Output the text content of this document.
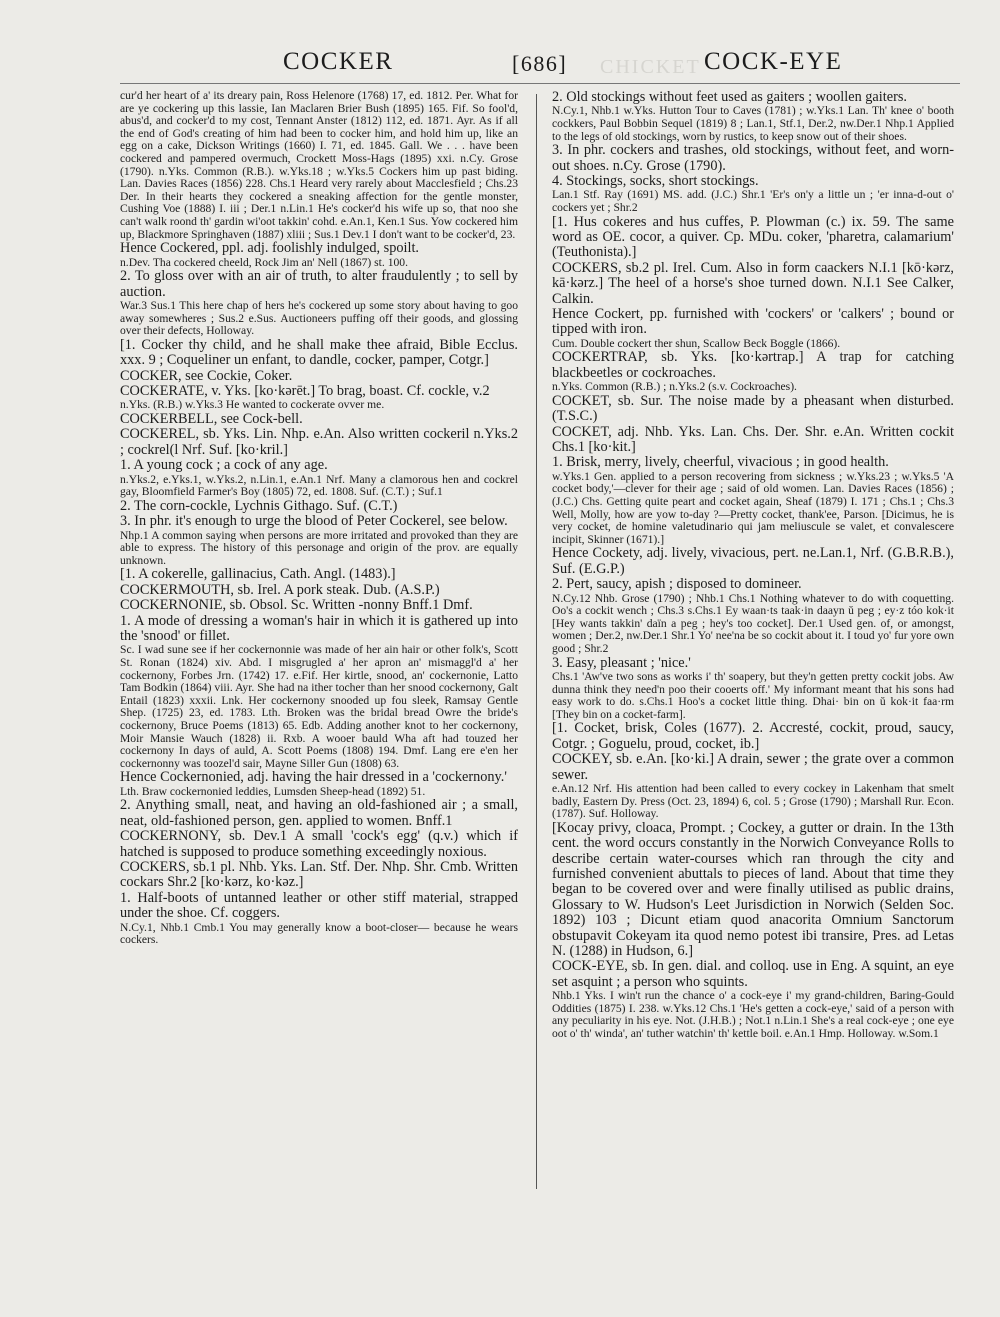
CHICKET
COCKER	[686]	COCK-EYE

cur'd her heart of a' its dreary pain, Ross Helenore (1768) 17, ed. 1812. Per. What for are ye cockering up this lassie, Ian Maclaren Brier Bush (1895) 165. Fif. So fool'd, abus'd, and cocker'd to my cost, Tennant Anster (1812) 112, ed. 1871. Ayr. As if all the end of God's creating of him had been to cocker him, and hold him up, like an egg on a cake, Dickson Writings (1660) I. 71, ed. 1845. Gall. We . . . have been cockered and pampered overmuch, Crockett Moss-Hags (1895) xxi. n.Cy. Grose (1790). n.Yks. Common (R.B.). w.Yks.18 ; w.Yks.5 Cockers him up past biding. Lan. Davies Races (1856) 228. Chs.1 Heard very rarely about Macclesfield ; Chs.23 Der. In their hearts they cockered a sneaking affection for the gentle monster, Cushing Voe (1888) I. iii ; Der.1 n.Lin.1 He's cocker'd his wife up so, that noo she can't walk roond th' gardin wi'oot takkin' cohd. e.An.1, Ken.1 Sus. Yow cockered him up, Blackmore Springhaven (1887) xliii ; Sus.1 Dev.1 I don't want to be cocker'd, 23.

Hence Cockered, ppl. adj. foolishly indulged, spoilt.

n.Dev. Tha cockered cheeld, Rock Jim an' Nell (1867) st. 100.

2. To gloss over with an air of truth, to alter fraudulently ; to sell by auction.

War.3 Sus.1 This here chap of hers he's cockered up some story about having to goo away somewheres ; Sus.2 e.Sus. Auctioneers puffing off their goods, and glossing over their defects, Holloway.

[1. Cocker thy child, and he shall make thee afraid, Bible Ecclus. xxx. 9 ; Coqueliner un enfant, to dandle, cocker, pamper, Cotgr.]

COCKER, see Cockie, Coker.

COCKERATE, v. Yks. [ko·kərēt.] To brag, boast. Cf. cockle, v.2

n.Yks. (R.B.) w.Yks.3 He wanted to cockerate ovver me.

COCKERBELL, see Cock-bell.

COCKEREL, sb. Yks. Lin. Nhp. e.An. Also written cockeril n.Yks.2 ; cockrel(l Nrf. Suf. [ko·kril.]

1. A young cock ; a cock of any age.

n.Yks.2, e.Yks.1, w.Yks.2, n.Lin.1, e.An.1 Nrf. Many a clamorous hen and cockrel gay, Bloomfield Farmer's Boy (1805) 72, ed. 1808. Suf. (C.T.) ; Suf.1

2. The corn-cockle, Lychnis Githago. Suf. (C.T.)

3. In phr. it's enough to urge the blood of Peter Cockerel, see below.

Nhp.1 A common saying when persons are more irritated and provoked than they are able to express. The history of this personage and origin of the prov. are equally unknown.

[1. A cokerelle, gallinacius, Cath. Angl. (1483).]

COCKERMOUTH, sb. Irel. A pork steak. Dub. (A.S.P.)

COCKERNONIE, sb. Obsol. Sc. Written -nonny Bnff.1 Dmf.

1. A mode of dressing a woman's hair in which it is gathered up into the 'snood' or fillet.

Sc. I wad sune see if her cockernonnie was made of her ain hair or other folk's, Scott St. Ronan (1824) xiv. Abd. I misgrugled a' her apron an' mismaggl'd a' her cockernony, Forbes Jrn. (1742) 17. e.Fif. Her kirtle, snood, an' cockernonie, Latto Tam Bodkin (1864) viii. Ayr. She had na ither tocher than her snood cockernony, Galt Entail (1823) xxxii. Lnk. Her cockernony snooded up fou sleek, Ramsay Gentle Shep. (1725) 23, ed. 1783. Lth. Broken was the bridal bread Owre the bride's cockernony, Bruce Poems (1813) 65. Edb. Adding another knot to her cockernony, Moir Mansie Wauch (1828) ii. Rxb. A wooer bauld Wha aft had touzed her cockernony In days of auld, A. Scott Poems (1808) 194. Dmf. Lang ere e'en her cockernonny was toozel'd sair, Mayne Siller Gun (1808) 63.

Hence Cockernonied, adj. having the hair dressed in a 'cockernony.'

Lth. Braw cockernonied leddies, Lumsden Sheep-head (1892) 51.

2. Anything small, neat, and having an old-fashioned air ; a small, neat, old-fashioned person, gen. applied to women. Bnff.1

COCKERNONY, sb. Dev.1 A small 'cock's egg' (q.v.) which if hatched is supposed to produce something exceedingly noxious.

COCKERS, sb.1 pl. Nhb. Yks. Lan. Stf. Der. Nhp. Shr. Cmb. Written cockars Shr.2 [ko·kərz, ko·kəz.]

1. Half-boots of untanned leather or other stiff material, strapped under the shoe. Cf. coggers.

N.Cy.1, Nhb.1 Cmb.1 You may generally know a boot-closer— because he wears cockers.

2. Old stockings without feet used as gaiters ; woollen gaiters.

N.Cy.1, Nhb.1 w.Yks. Hutton Tour to Caves (1781) ; w.Yks.1 Lan. Th' knee o' booth cockkers, Paul Bobbin Sequel (1819) 8 ; Lan.1, Stf.1, Der.2, nw.Der.1 Nhp.1 Applied to the legs of old stockings, worn by rustics, to keep snow out of their shoes.

3. In phr. cockers and trashes, old stockings, without feet, and worn-out shoes. n.Cy. Grose (1790).

4. Stockings, socks, short stockings.

Lan.1 Stf. Ray (1691) MS. add. (J.C.) Shr.1 'Er's on'y a little un ; 'er inna-d-out o' cockers yet ; Shr.2

[1. Hus cokeres and hus cuffes, P. Plowman (c.) ix. 59. The same word as OE. cocor, a quiver. Cp. MDu. coker, 'pharetra, calamarium' (Teuthonista).]

COCKERS, sb.2 pl. Irel. Cum. Also in form caackers N.I.1 [kō·kərz, kā·kərz.] The heel of a horse's shoe turned down. N.I.1 See Calker, Calkin.

Hence Cockert, pp. furnished with 'cockers' or 'calkers' ; bound or tipped with iron.

Cum. Double cockert ther shun, Scallow Beck Boggle (1866).

COCKERTRAP, sb. Yks. [ko·kərtrap.] A trap for catching blackbeetles or cockroaches.

n.Yks. Common (R.B.) ; n.Yks.2 (s.v. Cockroaches).

COCKET, sb. Sur. The noise made by a pheasant when disturbed. (T.S.C.)

COCKET, adj. Nhb. Yks. Lan. Chs. Der. Shr. e.An. Written cockit Chs.1 [ko·kit.]

1. Brisk, merry, lively, cheerful, vivacious ; in good health.

w.Yks.1 Gen. applied to a person recovering from sickness ; w.Yks.23 ; w.Yks.5 'A cocket body,'—clever for their age ; said of old women. Lan. Davies Races (1856) ; (J.C.) Chs. Getting quite peart and cocket again, Sheaf (1879) I. 171 ; Chs.1 ; Chs.3 Well, Molly, how are yow to-day ?—Pretty cocket, thank'ee, Parson. [Dicimus, he is very cocket, de homine valetudinario qui jam meliuscule se valet, et convalescere incipit, Skinner (1671).]

Hence Cockety, adj. lively, vivacious, pert. ne.Lan.1, Nrf. (G.B.R.B.), Suf. (E.G.P.)

2. Pert, saucy, apish ; disposed to domineer.

N.Cy.12 Nhb. Grose (1790) ; Nhb.1 Chs.1 Nothing whatever to do with coquetting. Oo's a cockit wench ; Chs.3 s.Chs.1 Ey waan·ts taak·in daayn ŭ peg ; ey·z tóo kok·it [Hey wants takkin' daïn a peg ; hey's too cocket]. Der.1 Used gen. of, or amongst, women ; Der.2, nw.Der.1 Shr.1 Yo' nee'na be so cockit about it. I toud yo' fur yore own good ; Shr.2

3. Easy, pleasant ; 'nice.'

Chs.1 'Aw've two sons as works i' th' soapery, but they'n getten pretty cockit jobs. Aw dunna think they need'n poo their cooerts off.' My informant meant that his sons had easy work to do. s.Chs.1 Hoo's a cocket little thing. Dhai· bin on ŭ kok·it faa·rm [They bin on a cocket-farm].

[1. Cocket, brisk, Coles (1677). 2. Accresté, cockit, proud, saucy, Cotgr. ; Goguelu, proud, cocket, ib.]

COCKEY, sb. e.An. [ko·ki.] A drain, sewer ; the grate over a common sewer.

e.An.12 Nrf. His attention had been called to every cockey in Lakenham that smelt badly, Eastern Dy. Press (Oct. 23, 1894) 6, col. 5 ; Grose (1790) ; Marshall Rur. Econ. (1787). Suf. Holloway.

[Kocay privy, cloaca, Prompt. ; Cockey, a gutter or drain. In the 13th cent. the word occurs constantly in the Norwich Conveyance Rolls to describe certain water-courses which ran through the city and furnished convenient abuttals to pieces of land. About that time they began to be covered over and were finally utilised as public drains, Glossary to W. Hudson's Leet Jurisdiction in Norwich (Selden Soc. 1892) 103 ; Dicunt etiam quod anacorita Omnium Sanctorum obstupavit Cokeyam ita quod nemo potest ibi transire, Pres. ad Letas N. (1288) in Hudson, 6.]

COCK-EYE, sb. In gen. dial. and colloq. use in Eng. A squint, an eye set asquint ; a person who squints.

Nhb.1 Yks. I win't run the chance o' a cock-eye i' my grand-children, Baring-Gould Oddities (1875) I. 238. w.Yks.12 Chs.1 'He's getten a cock-eye,' said of a person with any peculiarity in his eye. Not. (J.H.B.) ; Not.1 n.Lin.1 She's a real cock-eye ; one eye oot o' th' winda', an' tuther watchin' th' kettle boil. e.An.1 Hmp. Holloway. w.Som.1
